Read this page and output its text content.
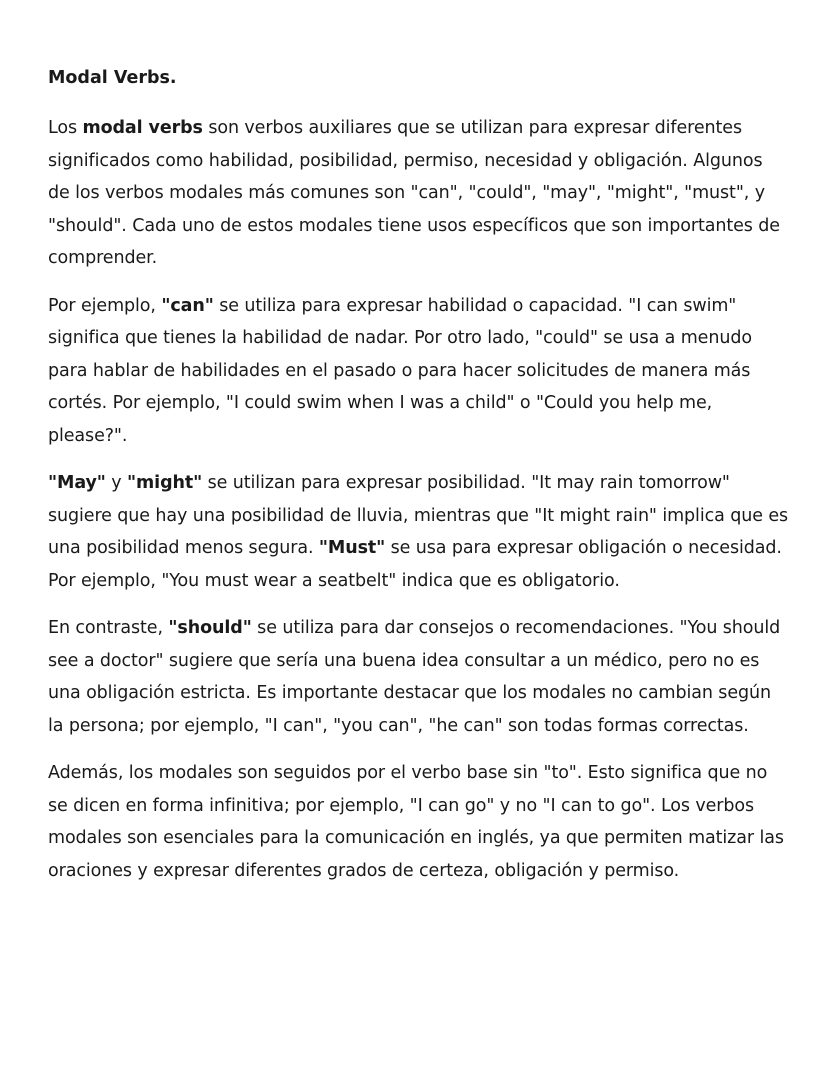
Modal Verbs.

Los modal verbs son verbos auxiliares que se utilizan para expresar diferentes significados como habilidad, posibilidad, permiso, necesidad y obligación. Algunos de los verbos modales más comunes son "can", "could", "may", "might", "must", y "should". Cada uno de estos modales tiene usos específicos que son importantes de comprender.

Por ejemplo, "can" se utiliza para expresar habilidad o capacidad. "I can swim" significa que tienes la habilidad de nadar. Por otro lado, "could" se usa a menudo para hablar de habilidades en el pasado o para hacer solicitudes de manera más cortés. Por ejemplo, "I could swim when I was a child" o "Could you help me, please?".

"May" y "might" se utilizan para expresar posibilidad. "It may rain tomorrow" sugiere que hay una posibilidad de lluvia, mientras que "It might rain" implica que es una posibilidad menos segura. "Must" se usa para expresar obligación o necesidad. Por ejemplo, "You must wear a seatbelt" indica que es obligatorio.

En contraste, "should" se utiliza para dar consejos o recomendaciones. "You should see a doctor" sugiere que sería una buena idea consultar a un médico, pero no es una obligación estricta. Es importante destacar que los modales no cambian según la persona; por ejemplo, "I can", "you can", "he can" son todas formas correctas.

Además, los modales son seguidos por el verbo base sin "to". Esto significa que no se dicen en forma infinitiva; por ejemplo, "I can go" y no "I can to go". Los verbos modales son esenciales para la comunicación en inglés, ya que permiten matizar las oraciones y expresar diferentes grados de certeza, obligación y permiso.
